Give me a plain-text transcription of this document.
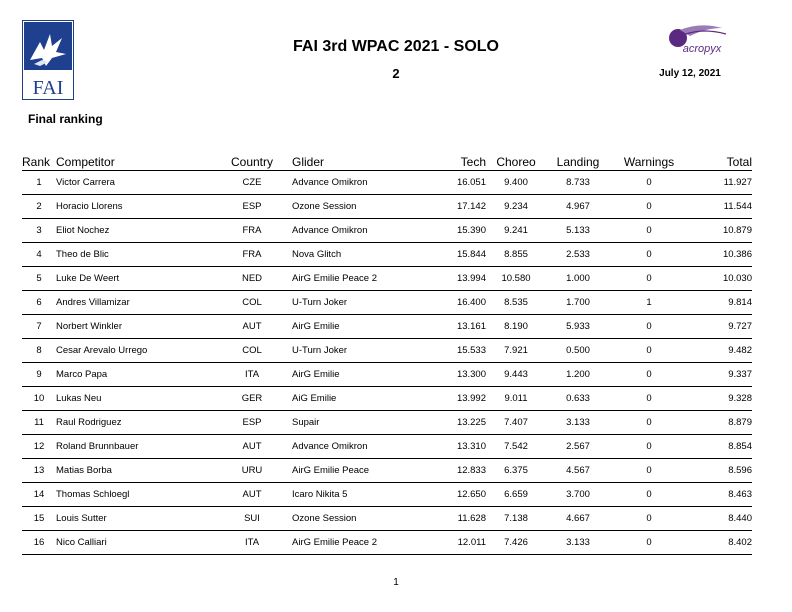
FAI
FAI 3rd WPAC 2021 - SOLO
2
acropyx
July 12, 2021
Final ranking
Rank	Competitor	Country	Glider	Tech	Choreo	Landing	Warnings	Total
1	Victor Carrera	CZE	Advance Omikron	16.051	9.400	8.733	0	11.927
2	Horacio Llorens	ESP	Ozone Session	17.142	9.234	4.967	0	11.544
3	Eliot Nochez	FRA	Advance Omikron	15.390	9.241	5.133	0	10.879
4	Theo de Blic	FRA	Nova Glitch	15.844	8.855	2.533	0	10.386
5	Luke De Weert	NED	AirG Emilie Peace 2	13.994	10.580	1.000	0	10.030
6	Andres Villamizar	COL	U-Turn Joker	16.400	8.535	1.700	1	9.814
7	Norbert Winkler	AUT	AirG Emilie	13.161	8.190	5.933	0	9.727
8	Cesar Arevalo Urrego	COL	U-Turn Joker	15.533	7.921	0.500	0	9.482
9	Marco Papa	ITA	AirG Emilie	13.300	9.443	1.200	0	9.337
10	Lukas Neu	GER	AiG Emilie	13.992	9.011	0.633	0	9.328
11	Raul Rodriguez	ESP	Supair	13.225	7.407	3.133	0	8.879
12	Roland Brunnbauer	AUT	Advance Omikron	13.310	7.542	2.567	0	8.854
13	Matias Borba	URU	AirG Emilie Peace	12.833	6.375	4.567	0	8.596
14	Thomas Schloegl	AUT	Icaro Nikita 5	12.650	6.659	3.700	0	8.463
15	Louis Sutter	SUI	Ozone Session	11.628	7.138	4.667	0	8.440
16	Nico Calliari	ITA	AirG Emilie Peace 2	12.011	7.426	3.133	0	8.402
1
